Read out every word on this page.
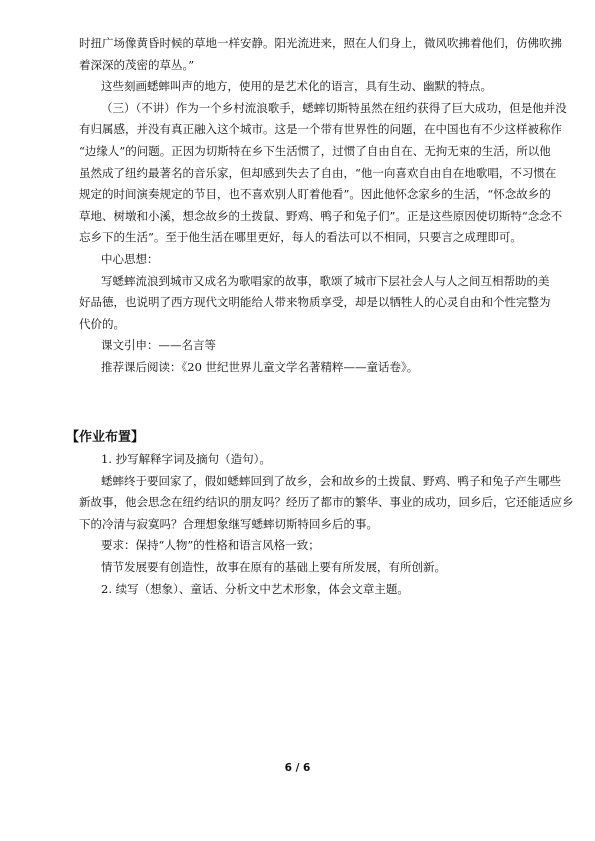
时扭广场像黄昏时候的草地一样安静。阳光流进来，照在人们身上，微风吹拂着他们，仿佛吹拂
着深深的茂密的草丛。”
这些刻画蟋蟀叫声的地方，使用的是艺术化的语言，具有生动、幽默的特点。
（三）（不讲）作为一个乡村流浪歌手，蟋蟀切斯特虽然在纽约获得了巨大成功，但是他并没
有归属感，并没有真正融入这个城市。这是一个带有世界性的问题，在中国也有不少这样被称作
“边缘人”的问题。正因为切斯特在乡下生活惯了，过惯了自由自在、无拘无束的生活，所以他
虽然成了纽约最著名的音乐家，但却感到失去了自由，“他一向喜欢自由自在地歌唱，不习惯在
规定的时间演奏规定的节目，也不喜欢别人盯着他看”。因此他怀念家乡的生活，“怀念故乡的
草地、树墩和小溪，想念故乡的土拨鼠、野鸡、鸭子和兔子们”。正是这些原因使切斯特“念念不
忘乡下的生活”。至于他生活在哪里更好，每人的看法可以不相同，只要言之成理即可。
中心思想：
写蟋蟀流浪到城市又成名为歌唱家的故事，歌颂了城市下层社会人与人之间互相帮助的美
好品德，也说明了西方现代文明能给人带来物质享受，却是以牺牲人的心灵自由和个性完整为
代价的。
课文引申：——名言等
推荐课后阅读：《20 世纪世界儿童文学名著精粹——童话卷》。
【作业布置】
1. 抄写解释字词及摘句（造句）。
蟋蟀终于要回家了，假如蟋蟀回到了故乡，会和故乡的土拨鼠、野鸡、鸭子和兔子产生哪些
新故事，他会思念在纽约结识的朋友吗？经历了都市的繁华、事业的成功，回乡后，它还能适应乡
下的冷清与寂寞吗？合理想象继写蟋蟀切斯特回乡后的事。
要求：保持“人物”的性格和语言风格一致；
情节发展要有创造性，故事在原有的基础上要有所发展，有所创新。
2. 续写（想象）、童话、分析文中艺术形象，体会文章主题。
6 / 6
